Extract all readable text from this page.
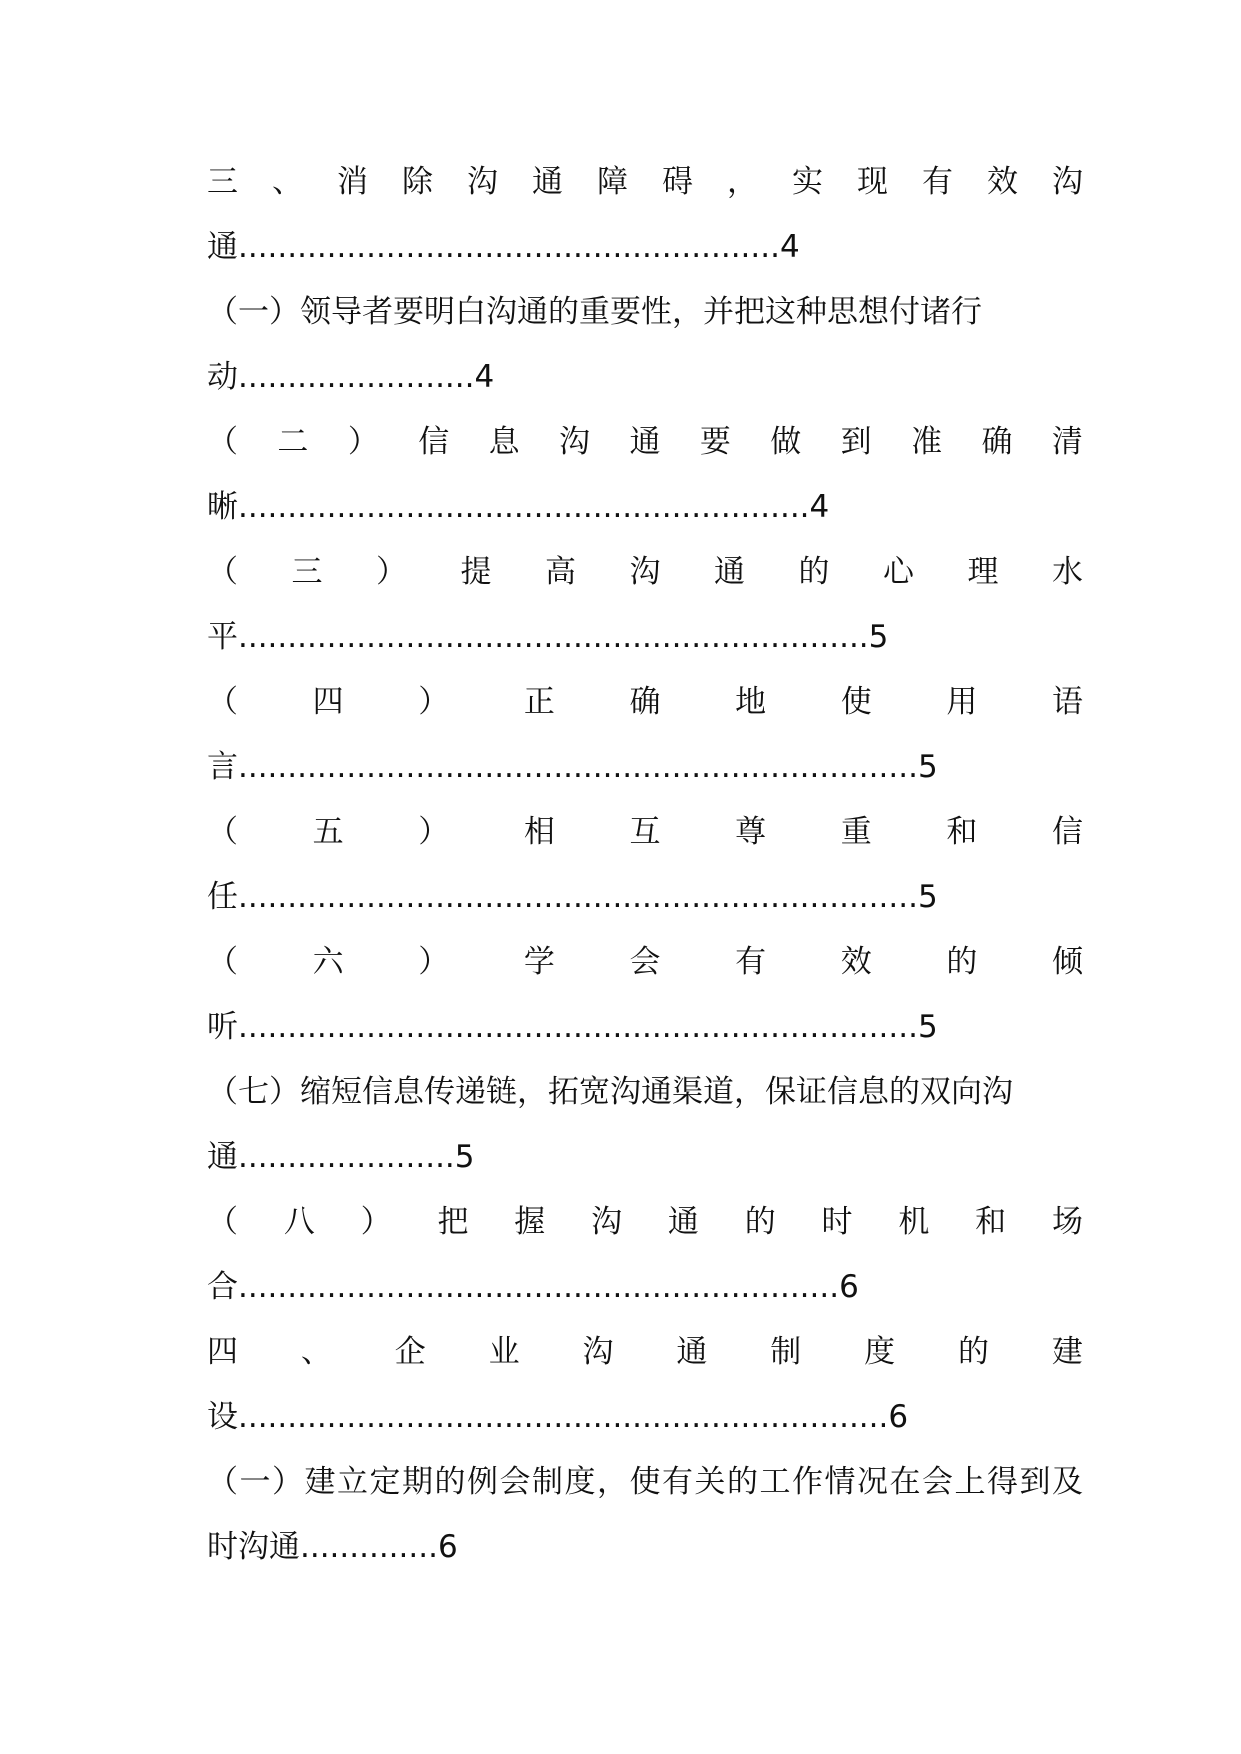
三 、 消 除 沟 通 障 碍 ， 实 现 有 效 沟
通.......................................................4
（一）领导者要明白沟通的重要性，并把这种思想付诸行
动........................4
（ 二 ） 信 息 沟 通 要 做 到 准 确 清
晰..........................................................4
（ 三 ） 提 高 沟 通 的 心 理 水
平................................................................5
（ 四 ） 正 确 地 使 用 语
言.....................................................................5
（ 五 ） 相 互 尊 重 和 信
任.....................................................................5
（ 六 ） 学 会 有 效 的 倾
听.....................................................................5
（七）缩短信息传递链，拓宽沟通渠道，保证信息的双向沟
通......................5
（ 八 ） 把 握 沟 通 的 时 机 和 场
合.............................................................6
四 、 企 业 沟 通 制 度 的 建
设..................................................................6
（ 一 ） 建 立 定 期 的 例 会 制 度 ， 使 有 关 的 工 作 情 况 在 会 上 得 到 及
时沟通..............6
